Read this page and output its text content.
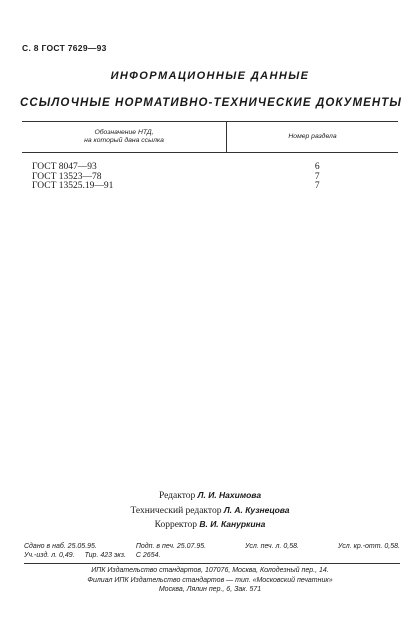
С. 8 ГОСТ 7629—93
ИНФОРМАЦИОННЫЕ ДАННЫЕ
ССЫЛОЧНЫЕ НОРМАТИВНО-ТЕХНИЧЕСКИЕ ДОКУМЕНТЫ
Обозначение НТД,
на который дана ссылка	Номер раздела
ГОСТ 8047—93	6
ГОСТ 13523—78	7
ГОСТ 13525.19—91	7
Редактор Л. И. Нахимова
Технический редактор Л. А. Кузнецова
Корректор В. И. Кануркина
Сдано в наб. 25.05.95.	Подп. в печ. 25.07.95.	Усл. печ. л. 0,58.	Усл. кр.-отт. 0,58.
Уч.-изд. л. 0,49. Тир. 423 экз. С 2654.
ИПК Издательство стандартов, 107076, Москва, Колодезный пер., 14.
Филиал ИПК Издательство стандартов — тип. «Московский печатник»
Москва, Лялин пер., 6, Зак. 571
